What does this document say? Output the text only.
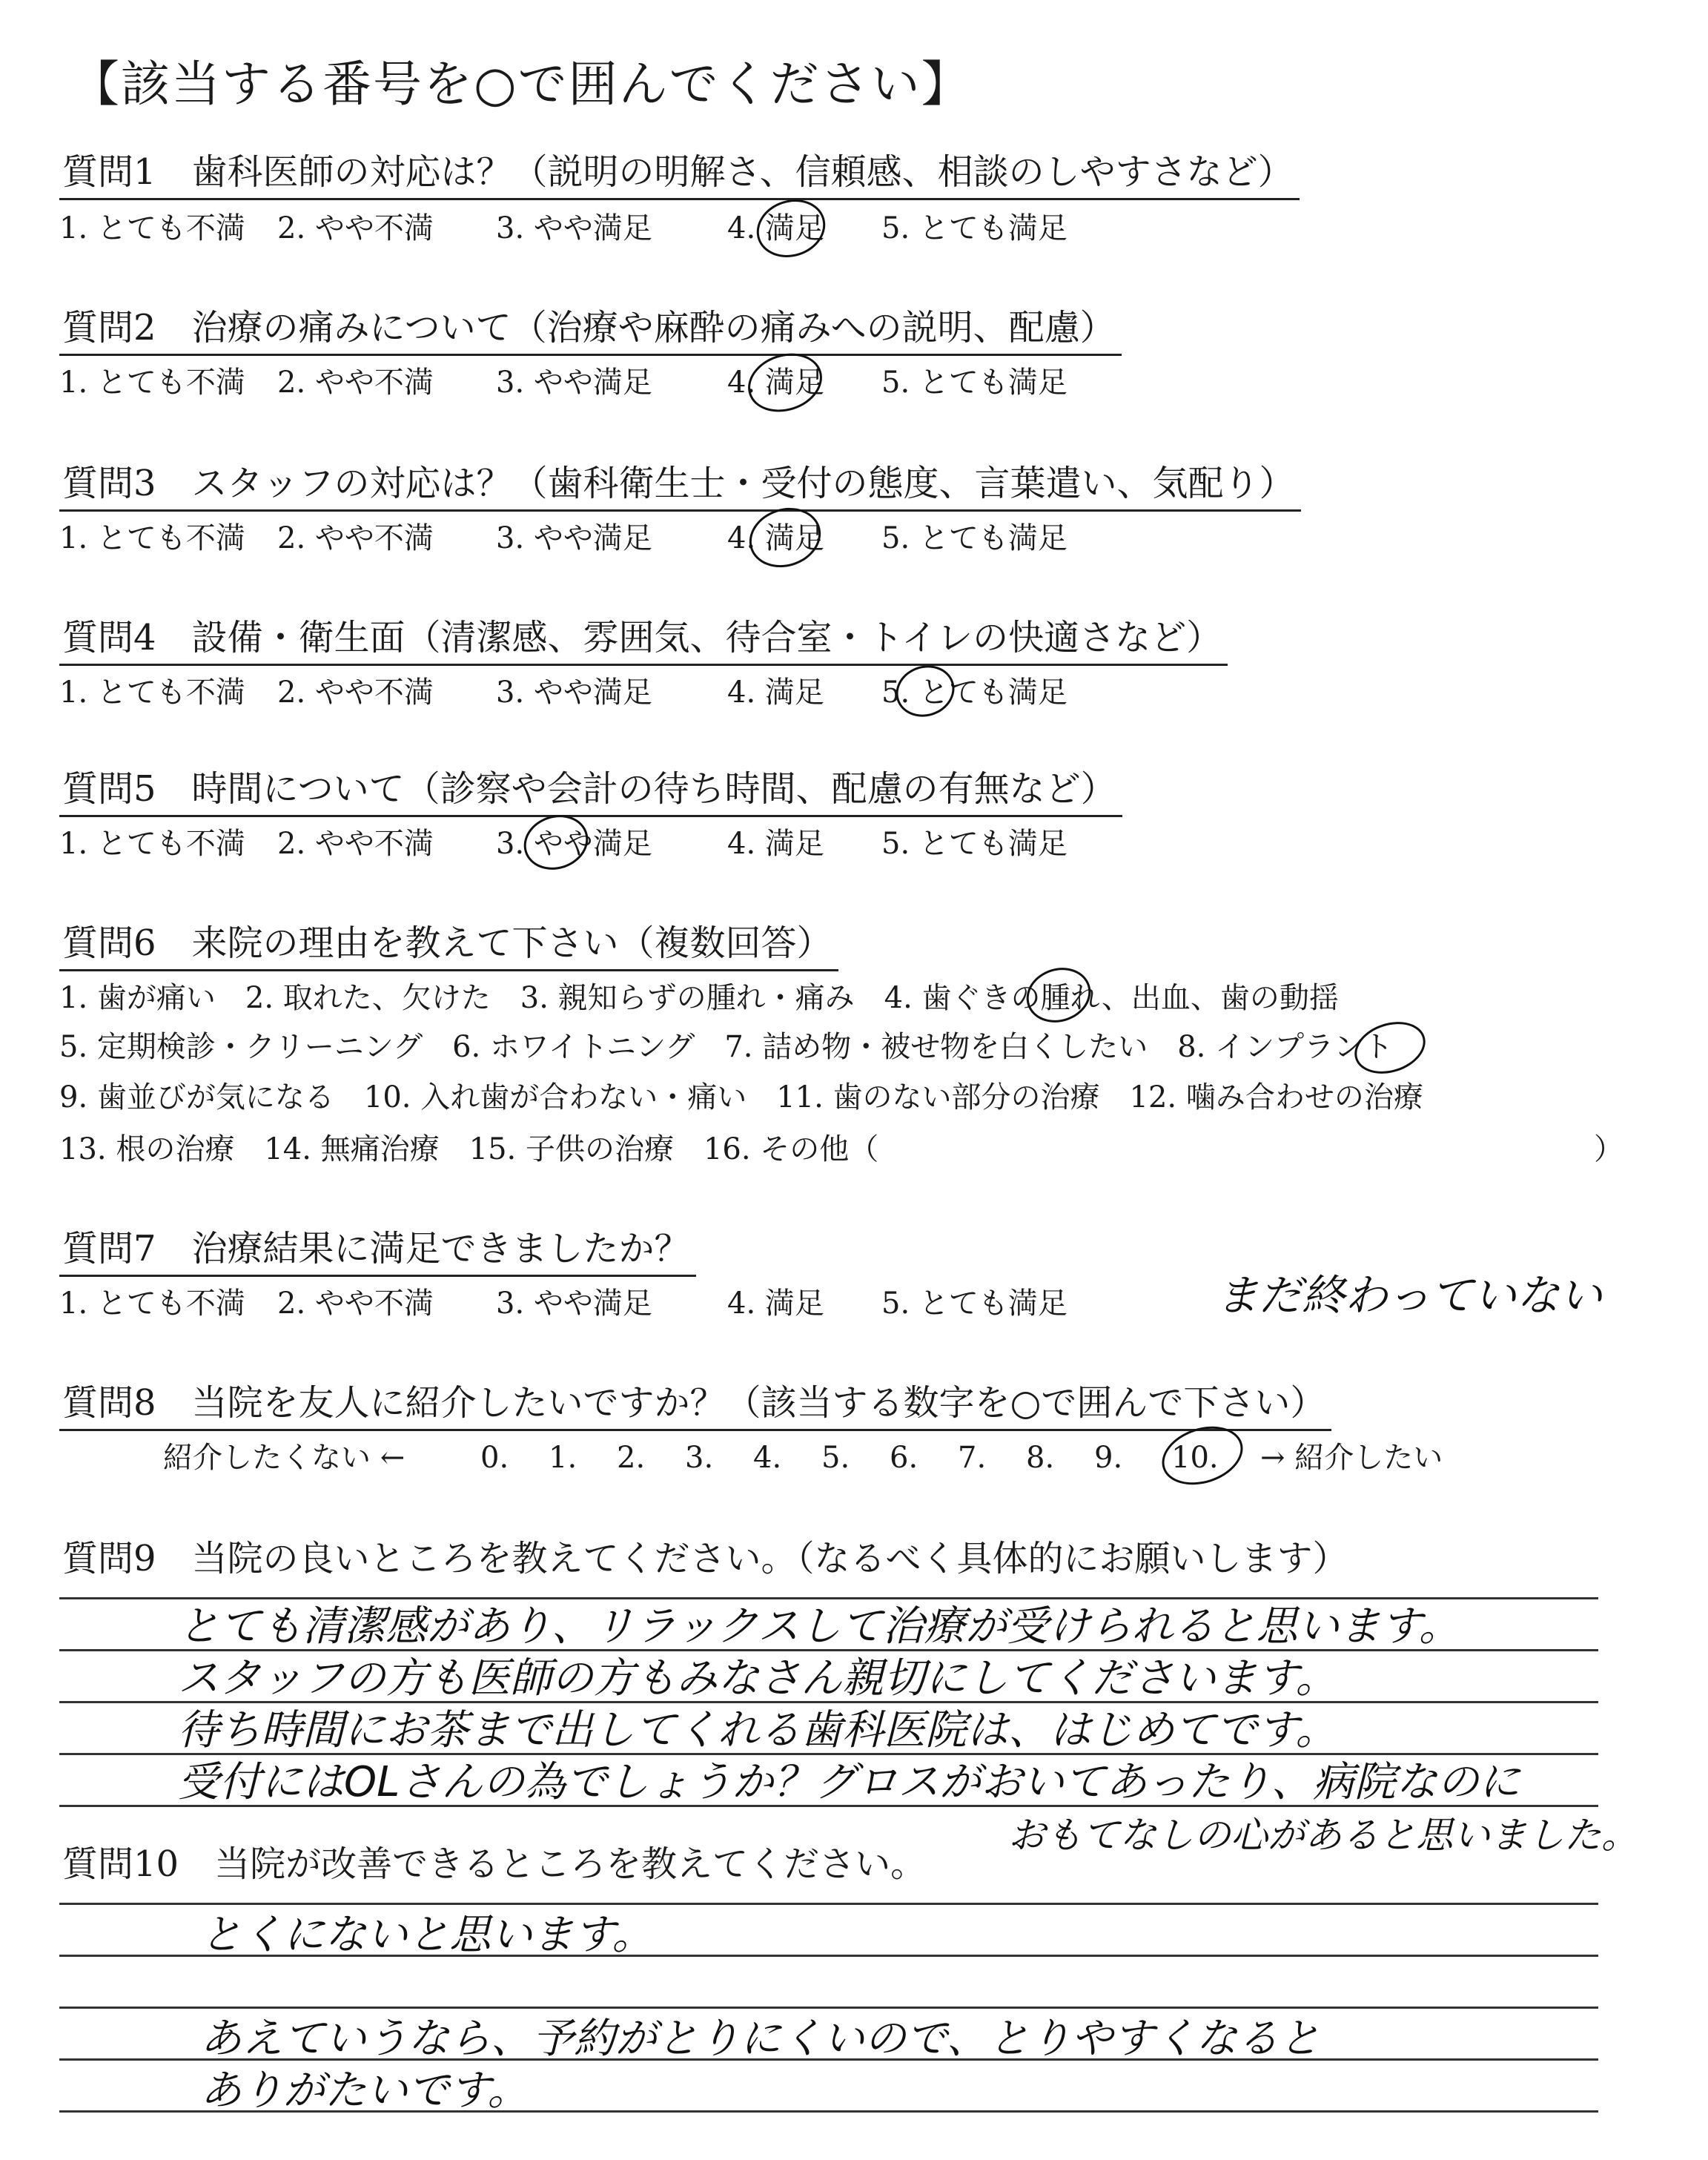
【該当する番号を○で囲んでください】
質問1　歯科医師の対応は？（説明の明解さ、信頼感、相談のしやすさなど）
1. とても不満 2. やや不満 3. やや満足	4. 満足 5. とても満足
質問2　治療の痛みについて（治療や麻酔の痛みへの説明、配慮）
1. とても不満 2. やや不満 3. やや満足	4. 満足 5. とても満足
質問3　スタッフの対応は？（歯科衛生士・受付の態度、言葉遣い、気配り）
1. とても不満 2. やや不満 3. やや満足	4. 満足 5. とても満足
質問4　設備・衛生面（清潔感、雰囲気、待合室・トイレの快適さなど）
1. とても不満 2. やや不満 3. やや満足	4. 満足 5. とても満足
質問5　時間について（診察や会計の待ち時間、配慮の有無など）
1. とても不満 2. やや不満 3. やや満足	4. 満足 5. とても満足
質問6　来院の理由を教えて下さい（複数回答）
1. 歯が痛い　2. 取れた、欠けた　3. 親知らずの腫れ・痛み　4. 歯ぐきの腫れ、出血、歯の動揺
5. 定期検診・クリーニング　6. ホワイトニング　7. 詰め物・被せ物を白くしたい　8. インプラント
9. 歯並びが気になる　10. 入れ歯が合わない・痛い　11. 歯のない部分の治療　12. 噛み合わせの治療
13. 根の治療　14. 無痛治療　15. 子供の治療　16. その他（	）
質問7　治療結果に満足できましたか？
1. とても不満 2. やや不満 3. やや満足	4. 満足 5. とても満足	まだ終わっていない
質問8　当院を友人に紹介したいですか？（該当する数字を○で囲んで下さい）
紹介したくない ←	0. 1. 2. 3. 4. 5. 6. 7. 8. 9. 10. → 紹介したい
質問9　当院の良いところを教えてください。（なるべく具体的にお願いします）
とても清潔感があり、リラックスして治療が受けられると思います。
スタッフの方も医師の方もみなさん親切にしてくださいます。
待ち時間にお茶まで出してくれる歯科医院は、はじめてです。
受付にはOLさんの為でしょうか？グロスがおいてあったり、病院なのに
おもてなしの心があると思いました。
質問10　当院が改善できるところを教えてください。
とくにないと思います。
あえていうなら、予約がとりにくいので、とりやすくなると
ありがたいです。
